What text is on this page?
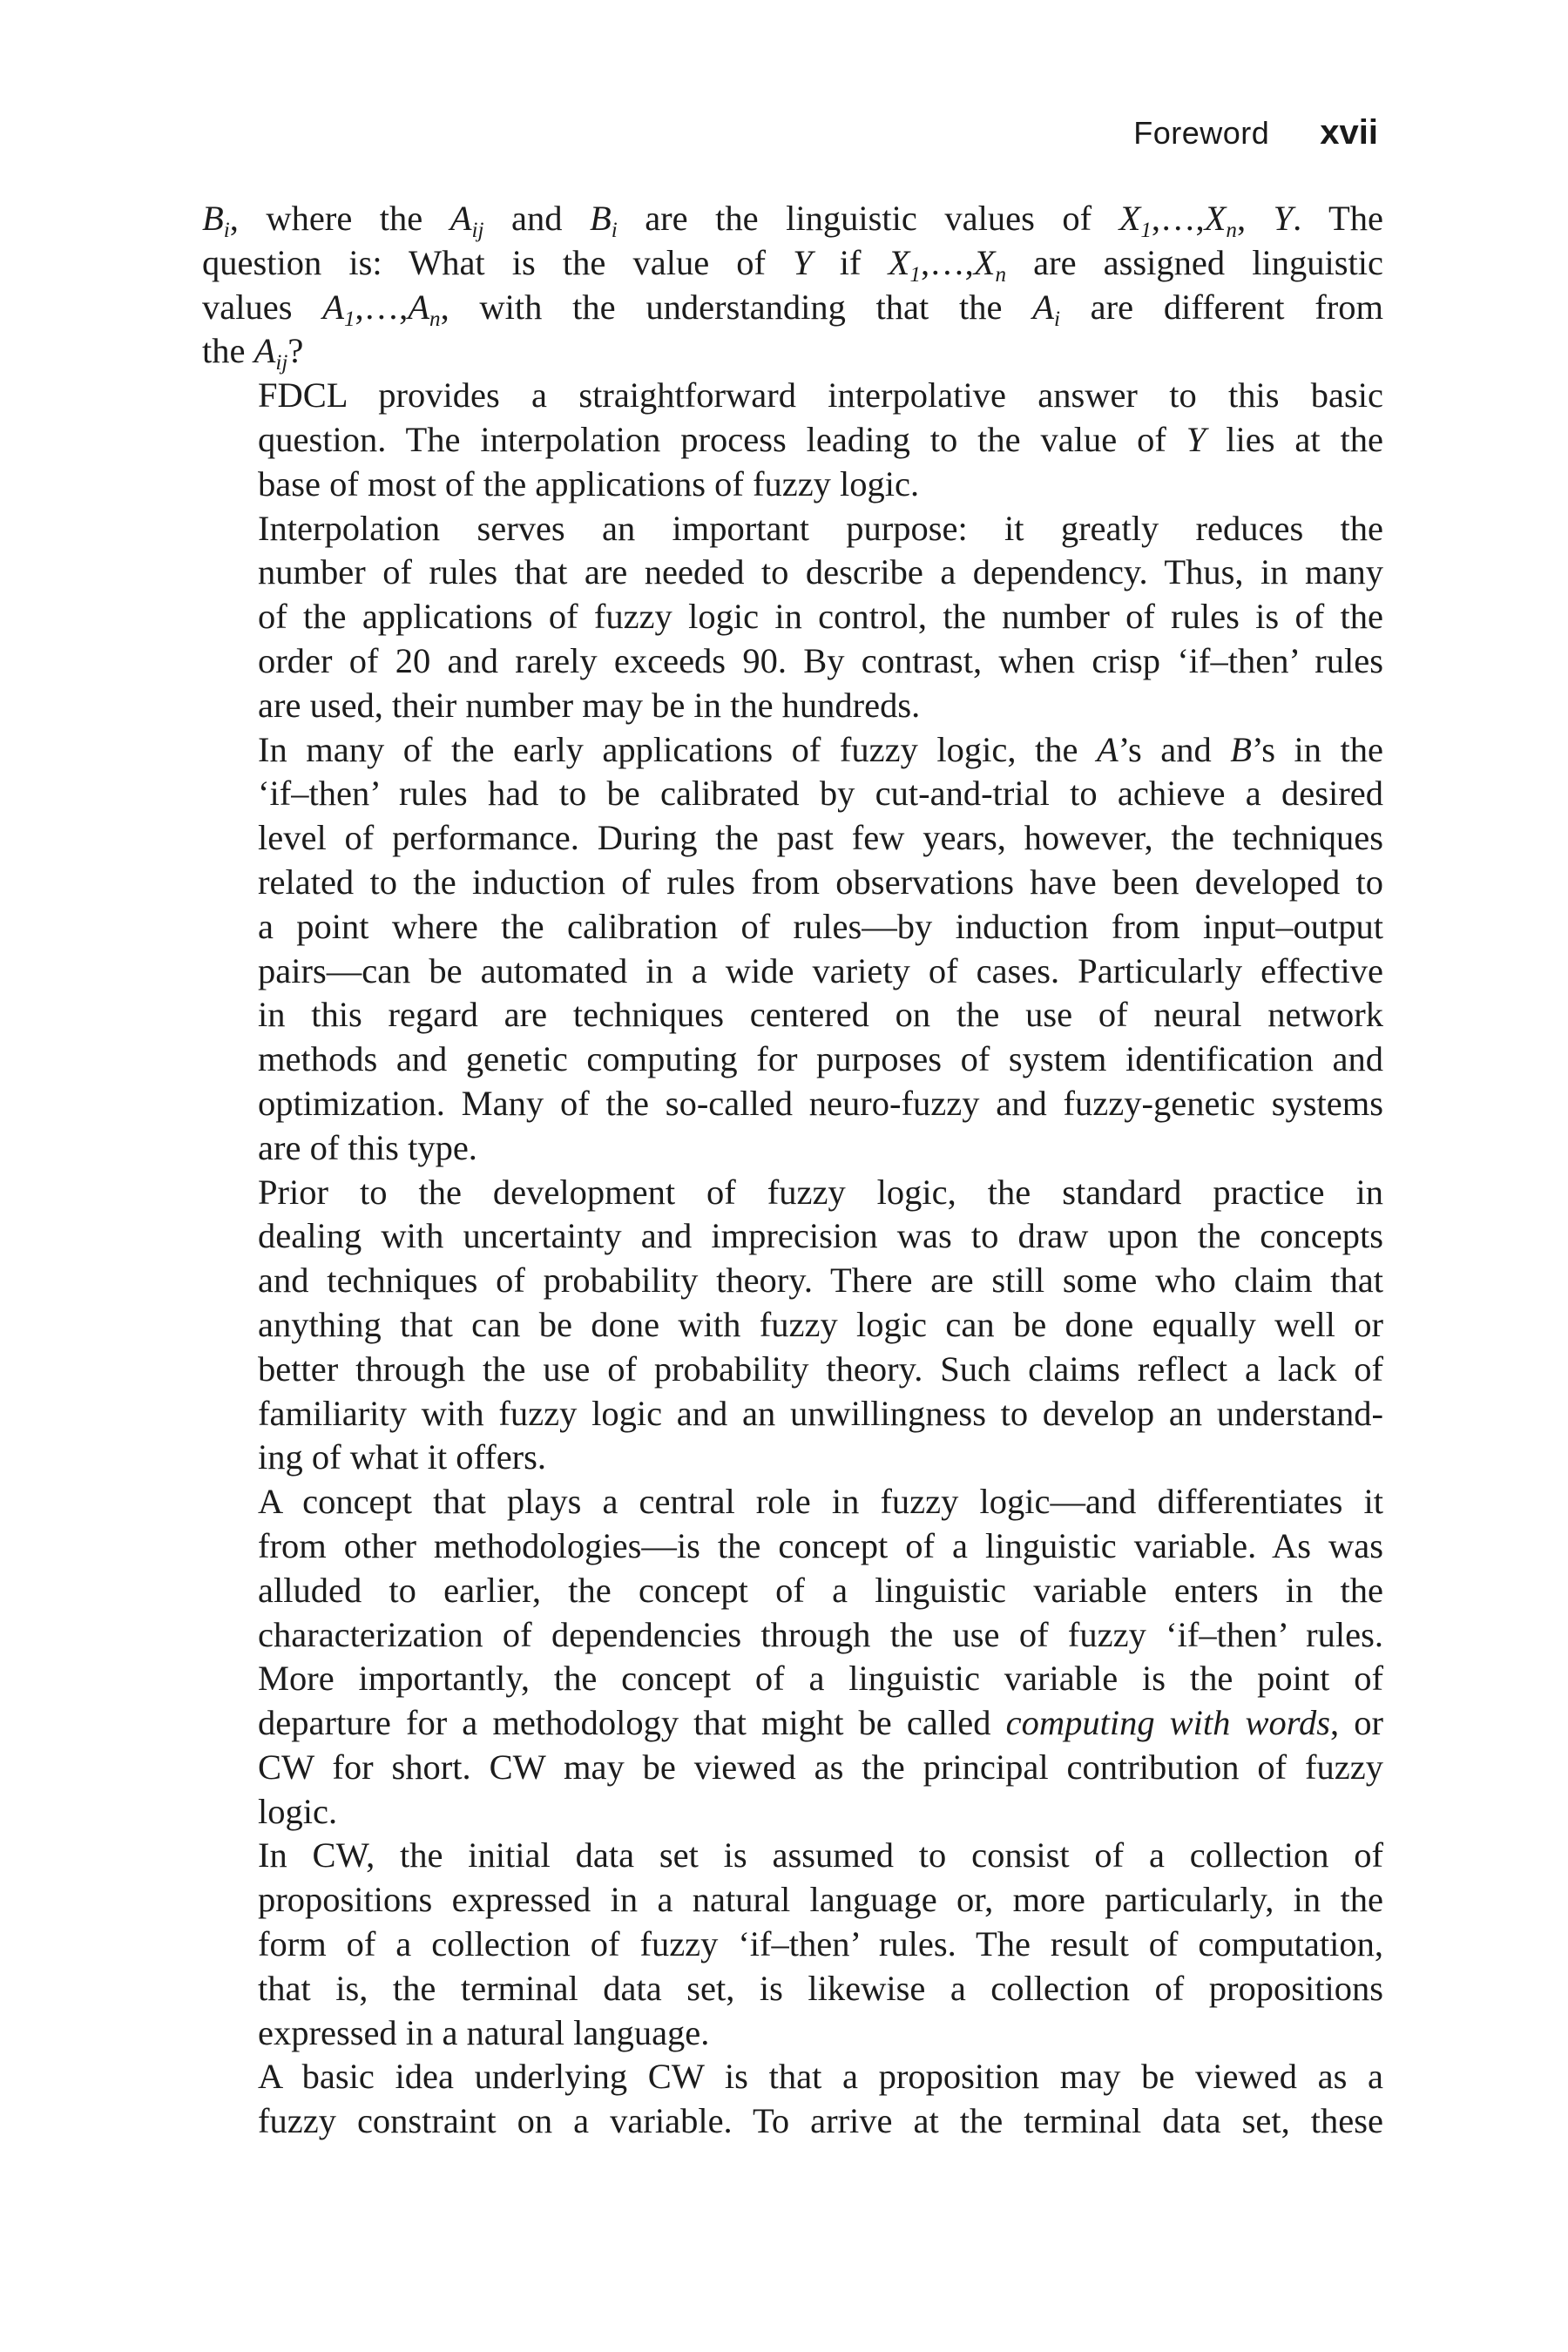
Foreword xvii

$B_i$, where the $A_{ij}$ and $B_i$ are the linguistic values of $X_1,\dots,X_n$, Y. The
question is: What is the value of Y if $X_1,\dots,X_n$ are assigned linguistic
values $A_1,\dots,A_n$, with the understanding that the $A_i$ are different from
the $A_{ij}$?

FDCL provides a straightforward interpolative answer to this basic
question. The interpolation process leading to the value of Y lies at the
base of most of the applications of fuzzy logic.

Interpolation serves an important purpose: it greatly reduces the
number of rules that are needed to describe a dependency. Thus, in many
of the applications of fuzzy logic in control, the number of rules is of the
order of 20 and rarely exceeds 90. By contrast, when crisp ‘if–then’ rules
are used, their number may be in the hundreds.

In many of the early applications of fuzzy logic, the A’s and B’s in the
‘if–then’ rules had to be calibrated by cut-and-trial to achieve a desired
level of performance. During the past few years, however, the techniques
related to the induction of rules from observations have been developed to
a point where the calibration of rules—by induction from input–output
pairs—can be automated in a wide variety of cases. Particularly effective
in this regard are techniques centered on the use of neural network
methods and genetic computing for purposes of system identification and
optimization. Many of the so-called neuro-fuzzy and fuzzy-genetic systems
are of this type.

Prior to the development of fuzzy logic, the standard practice in
dealing with uncertainty and imprecision was to draw upon the concepts
and techniques of probability theory. There are still some who claim that
anything that can be done with fuzzy logic can be done equally well or
better through the use of probability theory. Such claims reflect a lack of
familiarity with fuzzy logic and an unwillingness to develop an understand-
ing of what it offers.

A concept that plays a central role in fuzzy logic—and differentiates it
from other methodologies—is the concept of a linguistic variable. As was
alluded to earlier, the concept of a linguistic variable enters in the
characterization of dependencies through the use of fuzzy ‘if–then’ rules.
More importantly, the concept of a linguistic variable is the point of
departure for a methodology that might be called computing with words, or
CW for short. CW may be viewed as the principal contribution of fuzzy
logic.

In CW, the initial data set is assumed to consist of a collection of
propositions expressed in a natural language or, more particularly, in the
form of a collection of fuzzy ‘if–then’ rules. The result of computation,
that is, the terminal data set, is likewise a collection of propositions
expressed in a natural language.

A basic idea underlying CW is that a proposition may be viewed as a
fuzzy constraint on a variable. To arrive at the terminal data set, these
